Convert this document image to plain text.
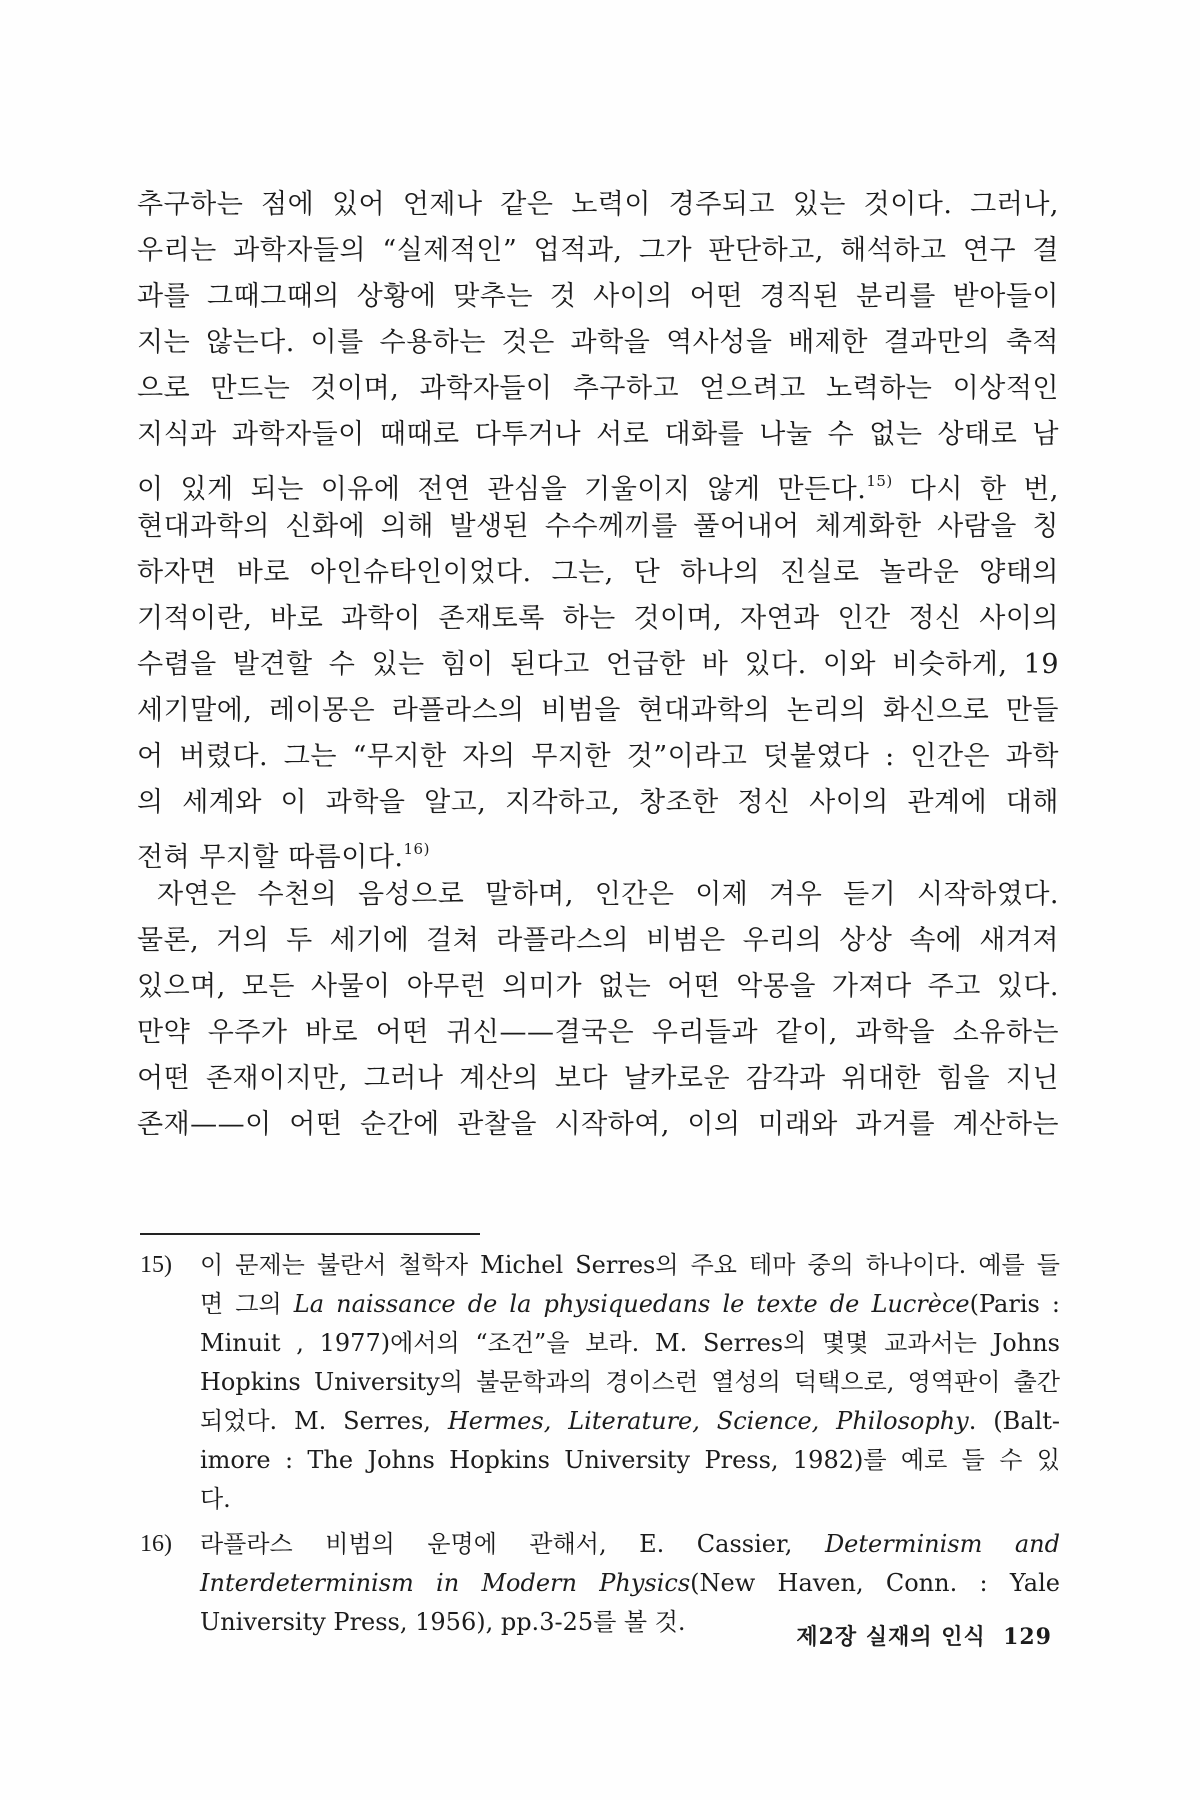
추구하는 점에 있어 언제나 같은 노력이 경주되고 있는 것이다. 그러나,
우리는 과학자들의 “실제적인” 업적과, 그가 판단하고, 해석하고 연구 결
과를 그때그때의 상황에 맞추는 것 사이의 어떤 경직된 분리를 받아들이
지는 않는다. 이를 수용하는 것은 과학을 역사성을 배제한 결과만의 축적
으로 만드는 것이며, 과학자들이 추구하고 얻으려고 노력하는 이상적인
지식과 과학자들이 때때로 다투거나 서로 대화를 나눌 수 없는 상태로 남
이 있게 되는 이유에 전연 관심을 기울이지 않게 만든다.$^{15)}$ 다시 한 번,
현대과학의 신화에 의해 발생된 수수께끼를 풀어내어 체계화한 사람을 칭
하자면 바로 아인슈타인이었다. 그는, 단 하나의 진실로 놀라운 양태의
기적이란, 바로 과학이 존재토록 하는 것이며, 자연과 인간 정신 사이의
수렴을 발견할 수 있는 힘이 된다고 언급한 바 있다. 이와 비슷하게, 19
세기말에, 레이몽은 라플라스의 비범을 현대과학의 논리의 화신으로 만들
어 버렸다. 그는 “무지한 자의 무지한 것”이라고 덧붙였다 : 인간은 과학
의 세계와 이 과학을 알고, 지각하고, 창조한 정신 사이의 관계에 대해
전혀 무지할 따름이다.$^{16)}$
자연은 수천의 음성으로 말하며, 인간은 이제 겨우 듣기 시작하였다.
물론, 거의 두 세기에 걸쳐 라플라스의 비범은 우리의 상상 속에 새겨져
있으며, 모든 사물이 아무런 의미가 없는 어떤 악몽을 가져다 주고 있다.
만약 우주가 바로 어떤 귀신——결국은 우리들과 같이, 과학을 소유하는
어떤 존재이지만, 그러나 계산의 보다 날카로운 감각과 위대한 힘을 지닌
존재——이 어떤 순간에 관찰을 시작하여, 이의 미래와 과거를 계산하는
15)	이 문제는 불란서 철학자 Michel Serres의 주요 테마 중의 하나이다. 예를 들
면 그의 La naissance de la physiquedans le texte de Lucrèce(Paris :
Minuit , 1977)에서의 “조건”을 보라. M. Serres의 몇몇 교과서는 Johns
Hopkins University의 불문학과의 경이스런 열성의 덕택으로, 영역판이 출간
되었다. M. Serres, Hermes, Literature, Science, Philosophy. (Balt-
imore : The Johns Hopkins University Press, 1982)를 예로 들 수 있
다.
16)	라플라스 비범의 운명에 관해서, E. Cassier, Determinism and
Interdeterminism in Modern Physics(New Haven, Conn. : Yale
University Press, 1956), pp.3-25를 볼 것.
제2장 실재의 인식 129
